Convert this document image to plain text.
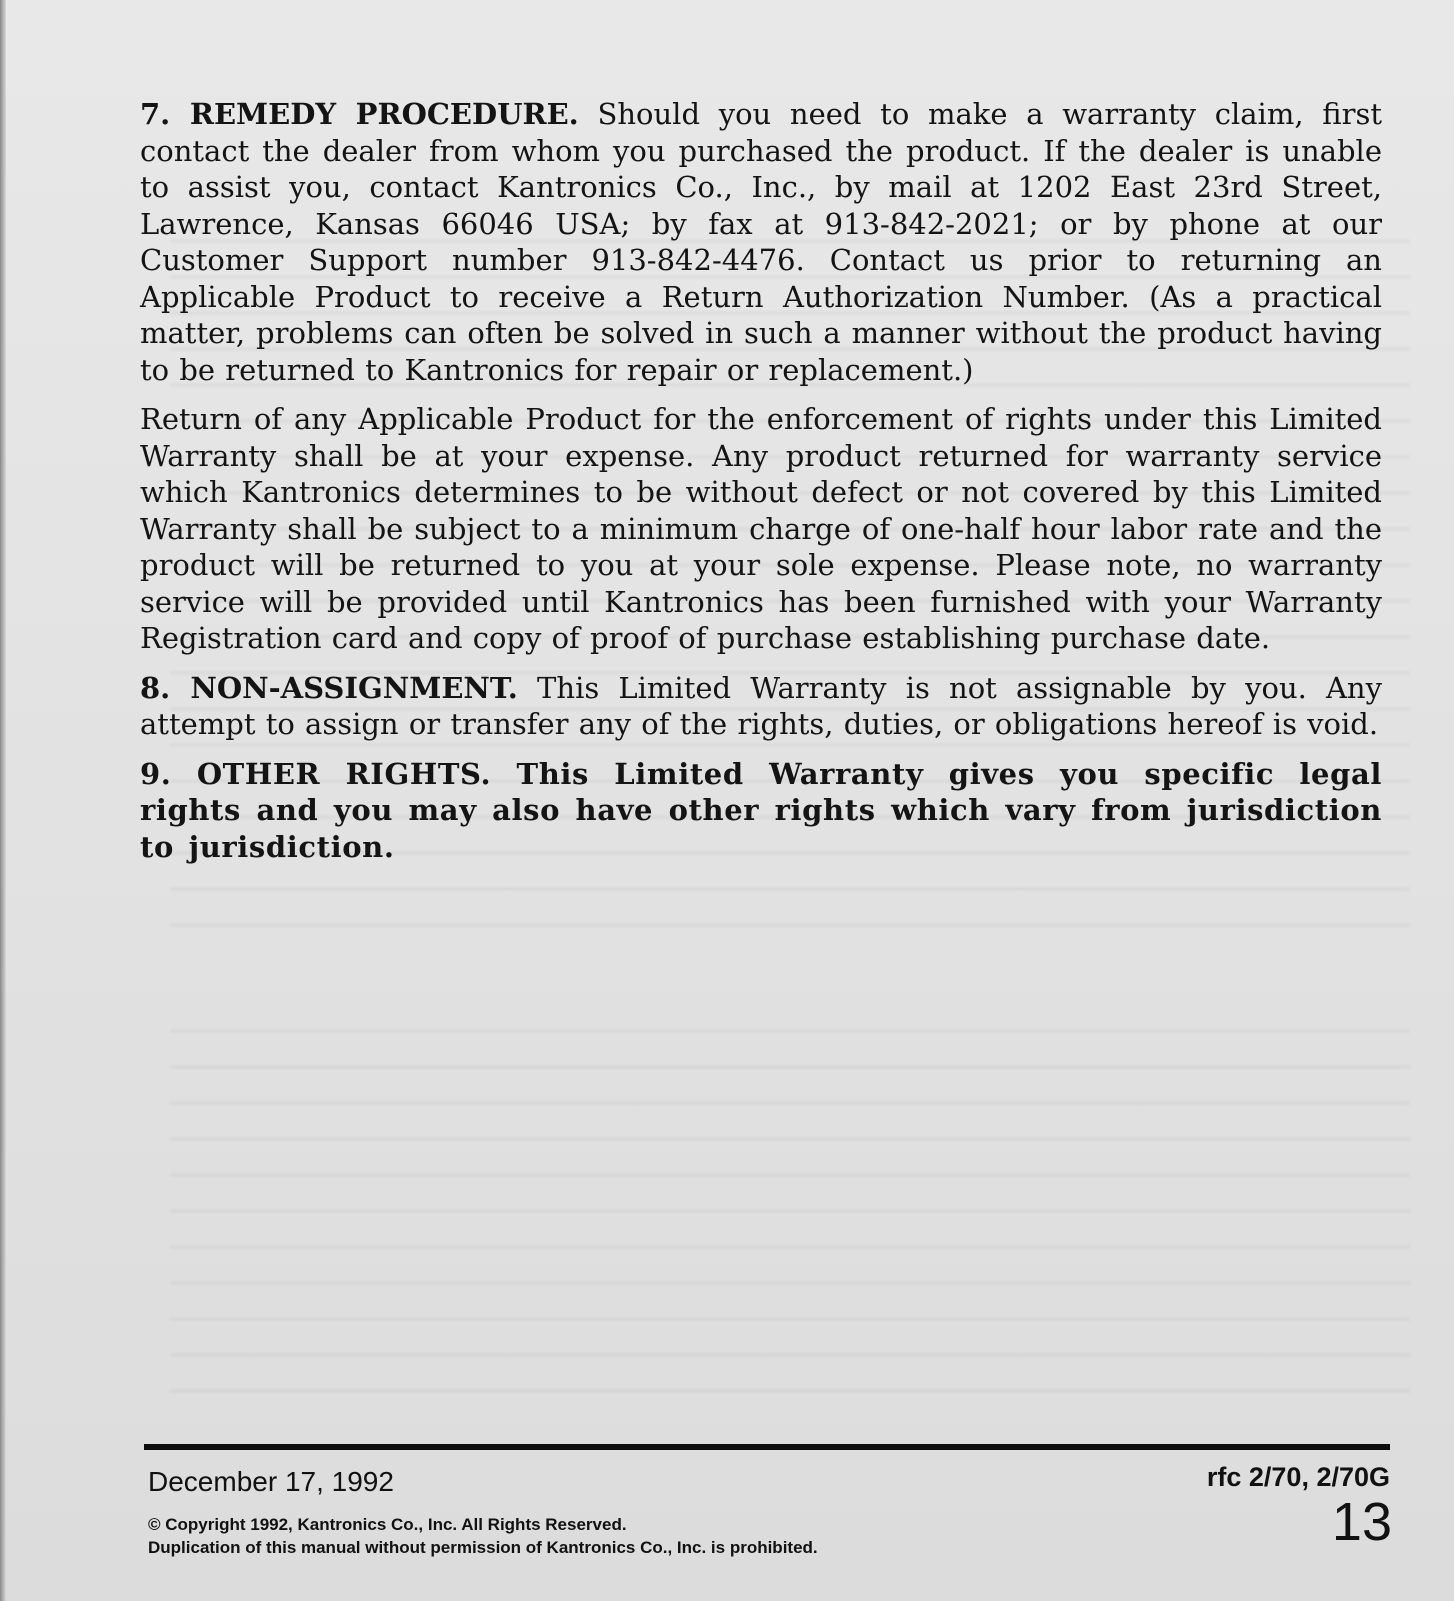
7. REMEDY PROCEDURE. Should you need to make a warranty claim, first contact the dealer from whom you purchased the product. If the dealer is unable to assist you, contact Kantronics Co., Inc., by mail at 1202 East 23rd Street, Lawrence, Kansas 66046 USA; by fax at 913-842-2021; or by phone at our Customer Support number 913-842-4476. Contact us prior to returning an Applicable Product to receive a Return Authorization Number. (As a practical matter, problems can often be solved in such a manner without the product having to be returned to Kantronics for repair or replacement.)

Return of any Applicable Product for the enforcement of rights under this Limited Warranty shall be at your expense. Any product returned for warranty service which Kantronics determines to be without defect or not covered by this Limited Warranty shall be subject to a minimum charge of one-half hour labor rate and the product will be returned to you at your sole expense. Please note, no warranty service will be provided until Kantronics has been furnished with your Warranty Registration card and copy of proof of purchase establishing purchase date.

8. NON-ASSIGNMENT. This Limited Warranty is not assignable by you. Any attempt to assign or transfer any of the rights, duties, or obligations hereof is void.

9. OTHER RIGHTS. This Limited Warranty gives you specific legal rights and you may also have other rights which vary from jurisdiction to jurisdiction.

December 17, 1992	rfc 2/70, 2/70G
13
© Copyright 1992, Kantronics Co., Inc. All Rights Reserved.
Duplication of this manual without permission of Kantronics Co., Inc. is prohibited.
